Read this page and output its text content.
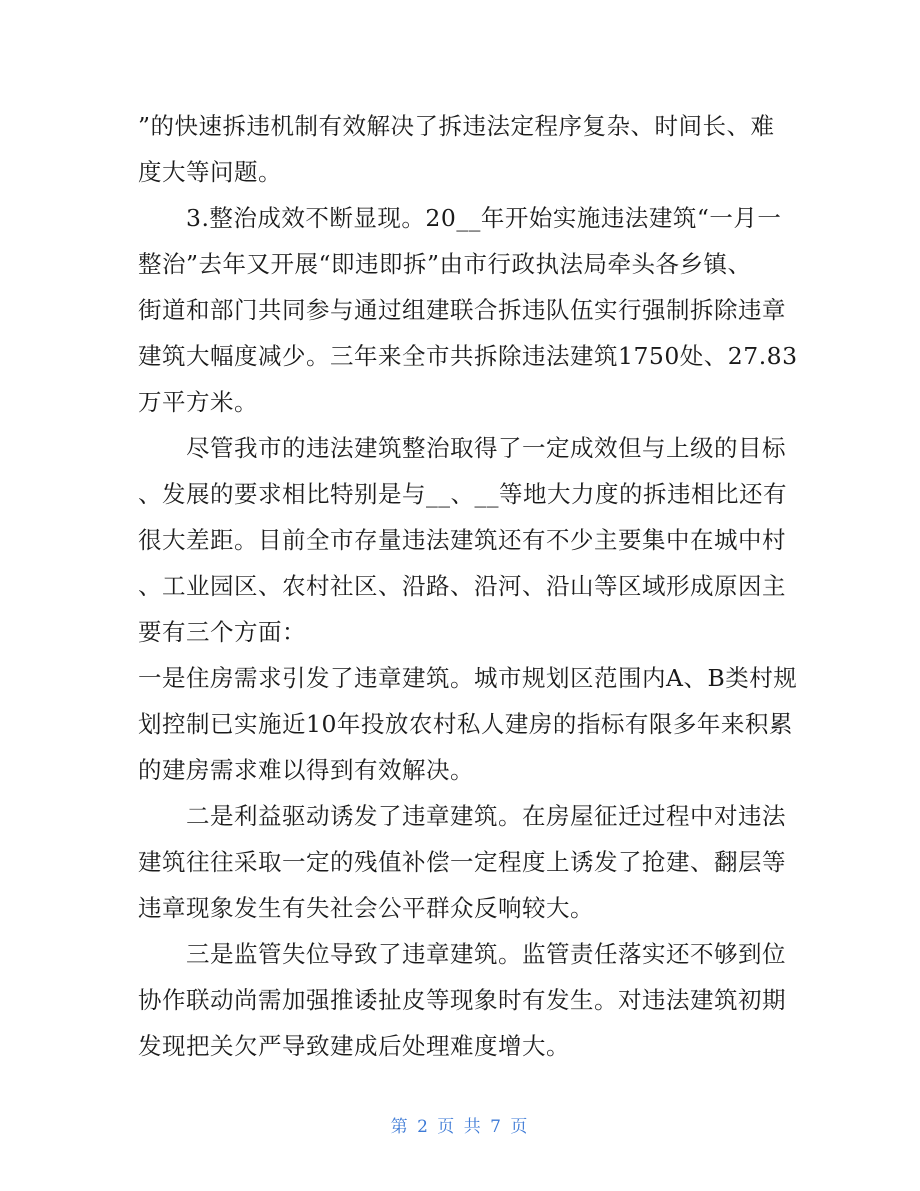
”的快速拆违机制有效解决了拆违法定程序复杂、时间长、难
度大等问题。
　　3.整治成效不断显现。20__年开始实施违法建筑“一月一
整治”去年又开展“即违即拆”由市行政执法局牵头各乡镇、
街道和部门共同参与通过组建联合拆违队伍实行强制拆除违章
建筑大幅度减少。三年来全市共拆除违法建筑1750处、27.83
万平方米。
　　尽管我市的违法建筑整治取得了一定成效但与上级的目标
、发展的要求相比特别是与__、__等地大力度的拆违相比还有
很大差距。目前全市存量违法建筑还有不少主要集中在城中村
、工业园区、农村社区、沿路、沿河、沿山等区域形成原因主
要有三个方面：
一是住房需求引发了违章建筑。城市规划区范围内A、B类村规
划控制已实施近10年投放农村私人建房的指标有限多年来积累
的建房需求难以得到有效解决。
　　二是利益驱动诱发了违章建筑。在房屋征迁过程中对违法
建筑往往采取一定的残值补偿一定程度上诱发了抢建、翻层等
违章现象发生有失社会公平群众反响较大。
　　三是监管失位导致了违章建筑。监管责任落实还不够到位
协作联动尚需加强推诿扯皮等现象时有发生。对违法建筑初期
发现把关欠严导致建成后处理难度增大。
第 2 页 共 7 页
